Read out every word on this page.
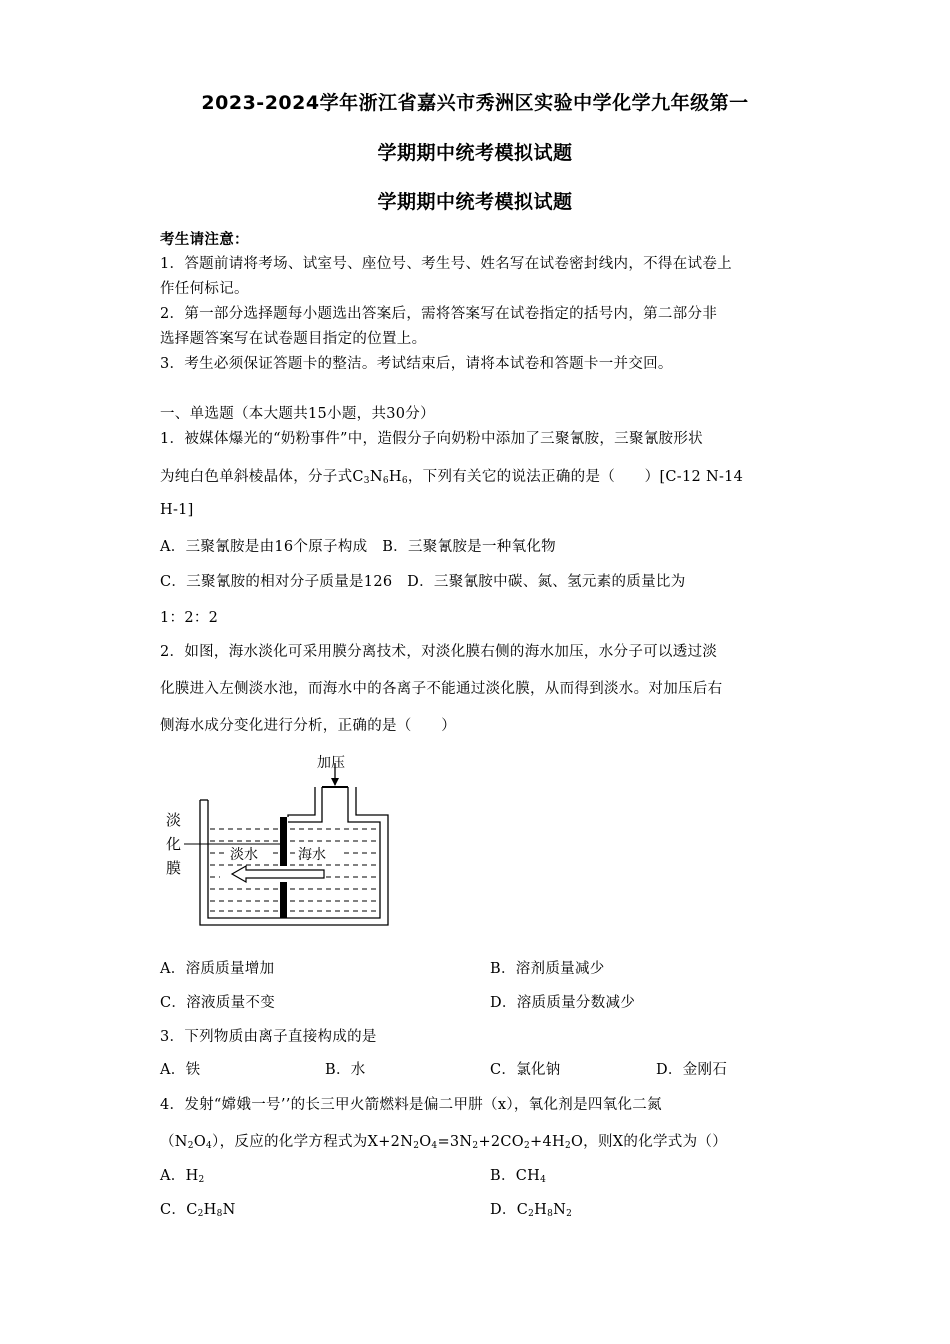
2023-2024学年浙江省嘉兴市秀洲区实验中学化学九年级第一
学期期中统考模拟试题
学期期中统考模拟试题
考生请注意：
1．答题前请将考场、试室号、座位号、考生号、姓名写在试卷密封线内，不得在试卷上
作任何标记。
2．第一部分选择题每小题选出答案后，需将答案写在试卷指定的括号内，第二部分非
选择题答案写在试卷题目指定的位置上。
3．考生必须保证答题卡的整洁。考试结束后，请将本试卷和答题卡一并交回。
一、单选题（本大题共15小题，共30分）
1．被媒体爆光的“奶粉事件”中，造假分子向奶粉中添加了三聚氰胺，三聚氰胺形状
为纯白色单斜棱晶体，分子式$C_3N_6H_6$，下列有关它的说法正确的是（　　）[C-12 N-14
H-1]
A．三聚氰胺是由16个原子构成　B．三聚氰胺是一种氧化物
C．三聚氰胺的相对分子质量是126　D．三聚氰胺中碳、氮、氢元素的质量比为
1：2：2
2．如图，海水淡化可采用膜分离技术，对淡化膜右侧的海水加压，水分子可以透过淡
化膜进入左侧淡水池，而海水中的各离子不能通过淡化膜，从而得到淡水。对加压后右
侧海水成分变化进行分析，正确的是（　　）
加压
淡
化
膜
淡水	海水
A．溶质质量增加	B．溶剂质量减少
C．溶液质量不变	D．溶质质量分数减少
3．下列物质由离子直接构成的是
A．铁	B．水	C．氯化钠	D．金刚石
4．发射“嫦娥一号’’的长三甲火箭燃料是偏二甲肼（x），氧化剂是四氧化二氮
$(N_2O_4)$，反应的化学方程式为$X+2N_2O_4=3N_2+2CO_2+4H_2O$，则X的化学式为（）
A．$H_2$	B．$CH_4$
C．$C_2H_8N$	D．$C_2H_8N_2$
